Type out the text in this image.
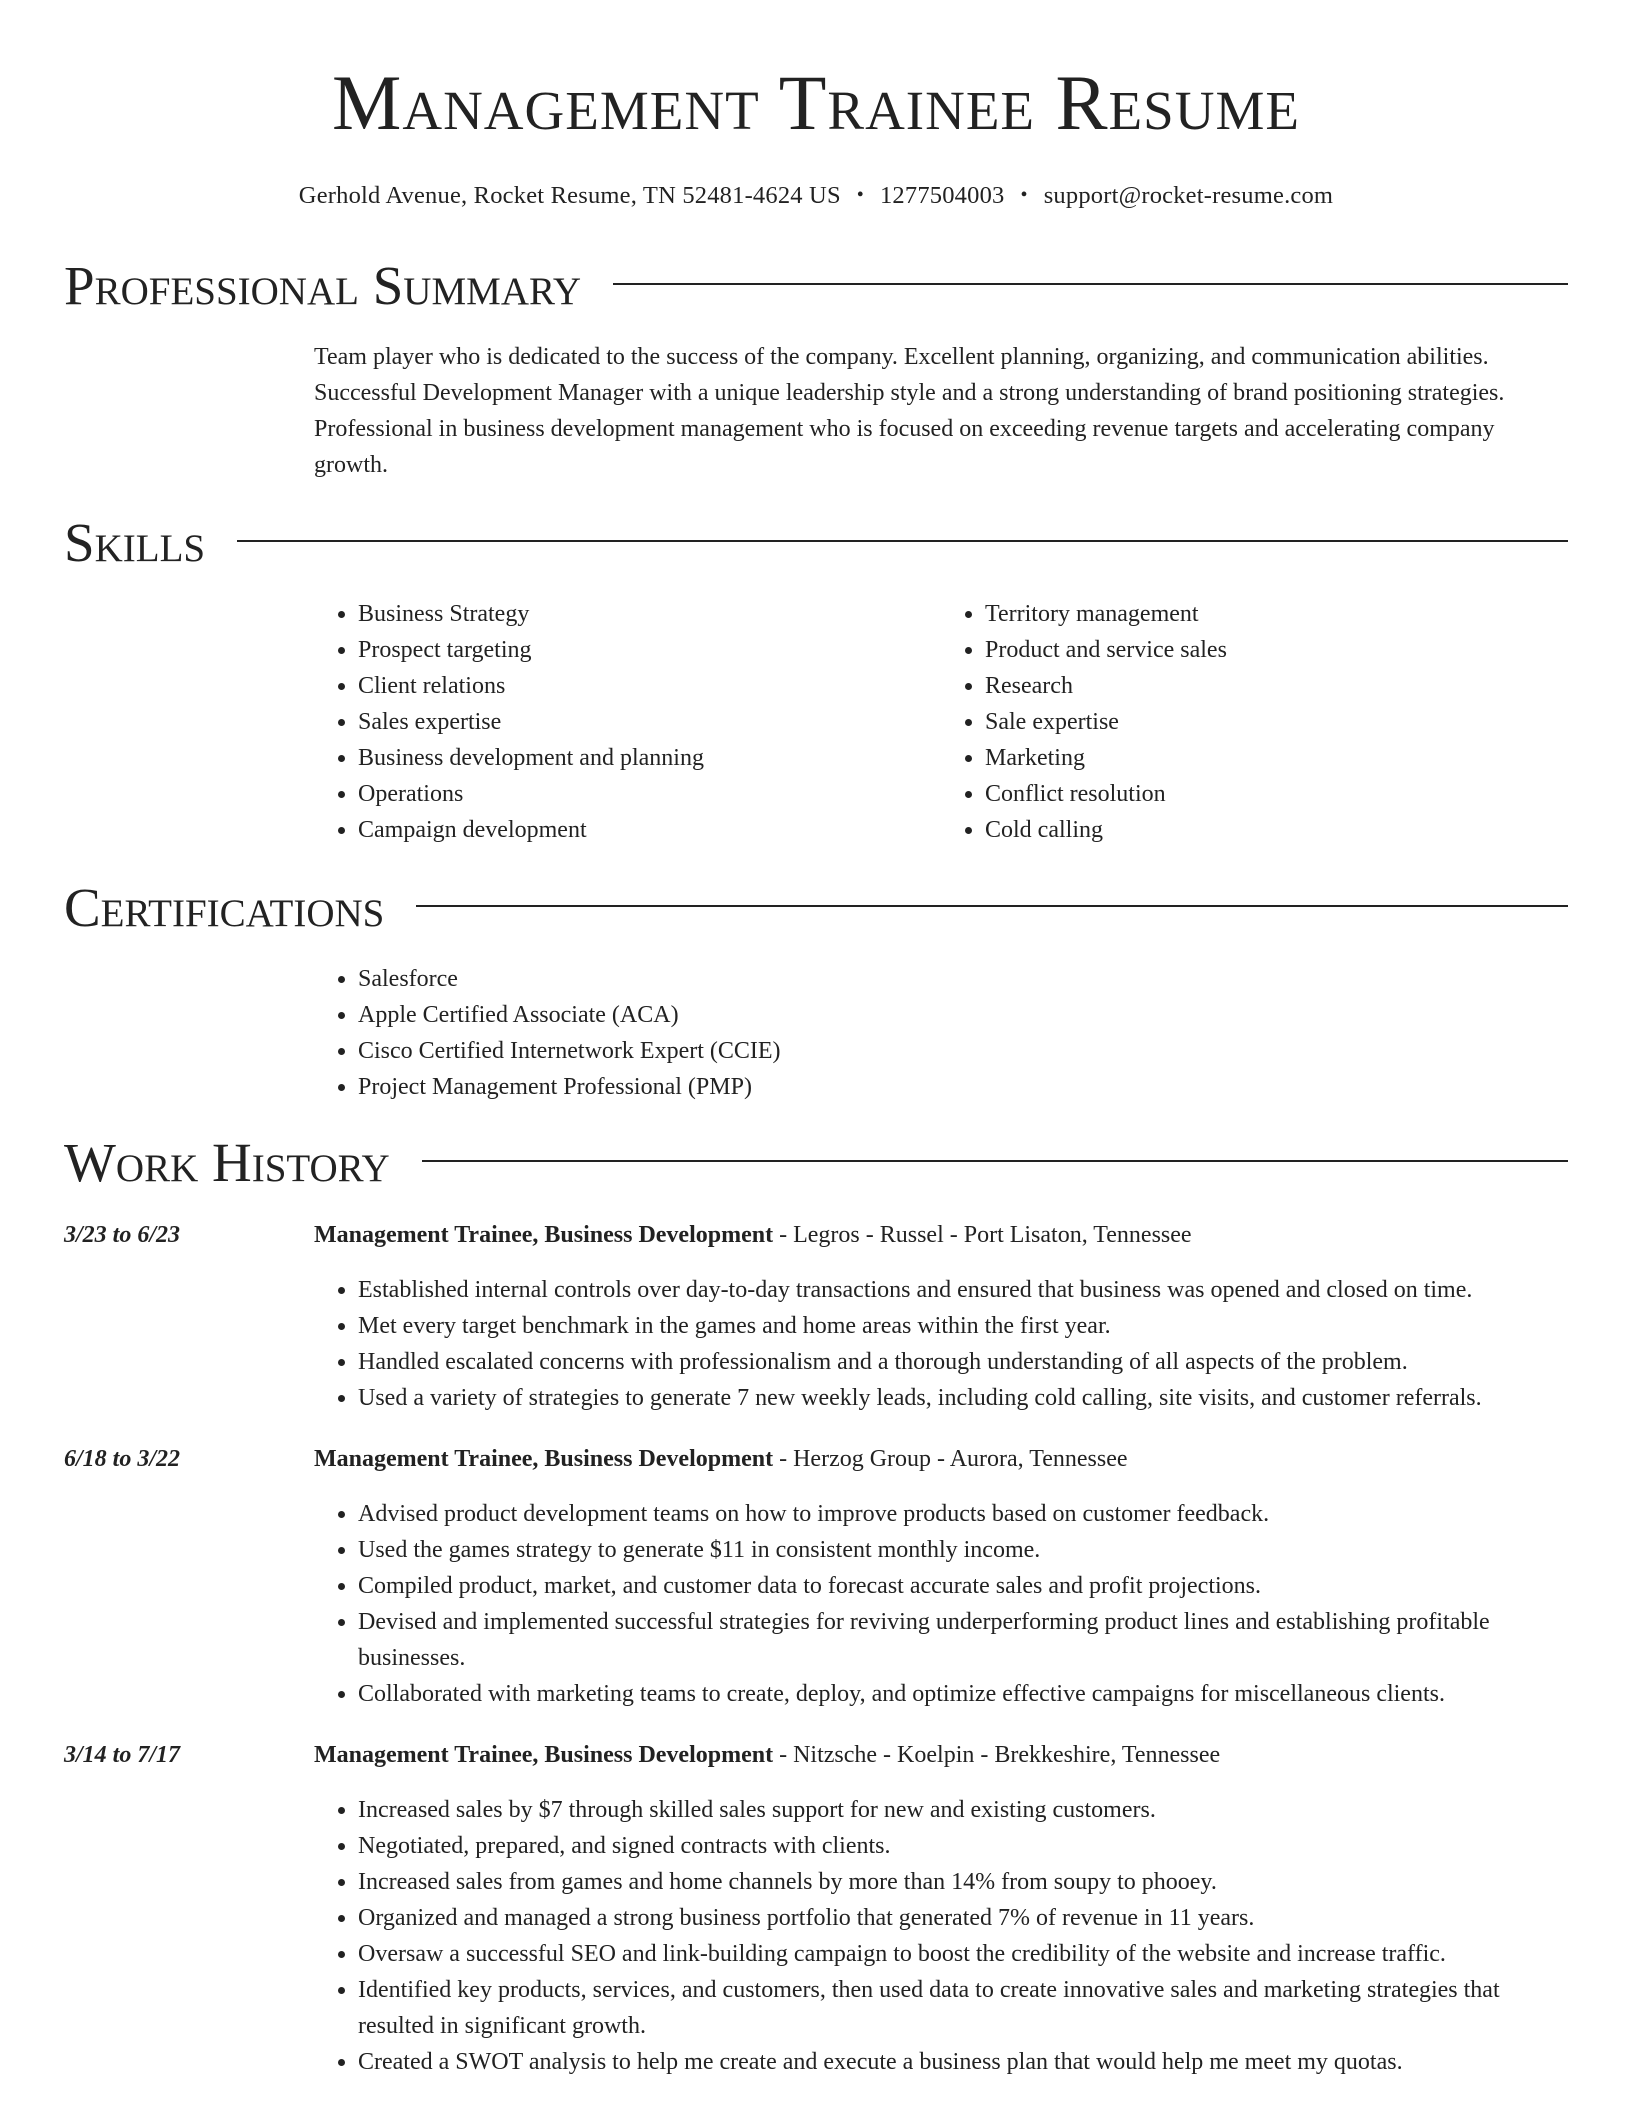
Management Trainee Resume
Gerhold Avenue, Rocket Resume, TN 52481-4624 US • 1277504003 • support@rocket-resume.com
Professional Summary
Team player who is dedicated to the success of the company. Excellent planning, organizing, and communication abilities. Successful Development Manager with a unique leadership style and a strong understanding of brand positioning strategies. Professional in business development management who is focused on exceeding revenue targets and accelerating company growth.
Skills
• Business Strategy
• Prospect targeting
• Client relations
• Sales expertise
• Business development and planning
• Operations
• Campaign development
• Territory management
• Product and service sales
• Research
• Sale expertise
• Marketing
• Conflict resolution
• Cold calling
Certifications
• Salesforce
• Apple Certified Associate (ACA)
• Cisco Certified Internetwork Expert (CCIE)
• Project Management Professional (PMP)
Work History
3/23 to 6/23	Management Trainee, Business Development - Legros - Russel - Port Lisaton, Tennessee
• Established internal controls over day-to-day transactions and ensured that business was opened and closed on time.
• Met every target benchmark in the games and home areas within the first year.
• Handled escalated concerns with professionalism and a thorough understanding of all aspects of the problem.
• Used a variety of strategies to generate 7 new weekly leads, including cold calling, site visits, and customer referrals.
6/18 to 3/22	Management Trainee, Business Development - Herzog Group - Aurora, Tennessee
• Advised product development teams on how to improve products based on customer feedback.
• Used the games strategy to generate $11 in consistent monthly income.
• Compiled product, market, and customer data to forecast accurate sales and profit projections.
• Devised and implemented successful strategies for reviving underperforming product lines and establishing profitable businesses.
• Collaborated with marketing teams to create, deploy, and optimize effective campaigns for miscellaneous clients.
3/14 to 7/17	Management Trainee, Business Development - Nitzsche - Koelpin - Brekkeshire, Tennessee
• Increased sales by $7 through skilled sales support for new and existing customers.
• Negotiated, prepared, and signed contracts with clients.
• Increased sales from games and home channels by more than 14% from soupy to phooey.
• Organized and managed a strong business portfolio that generated 7% of revenue in 11 years.
• Oversaw a successful SEO and link-building campaign to boost the credibility of the website and increase traffic.
• Identified key products, services, and customers, then used data to create innovative sales and marketing strategies that resulted in significant growth.
• Created a SWOT analysis to help me create and execute a business plan that would help me meet my quotas.
